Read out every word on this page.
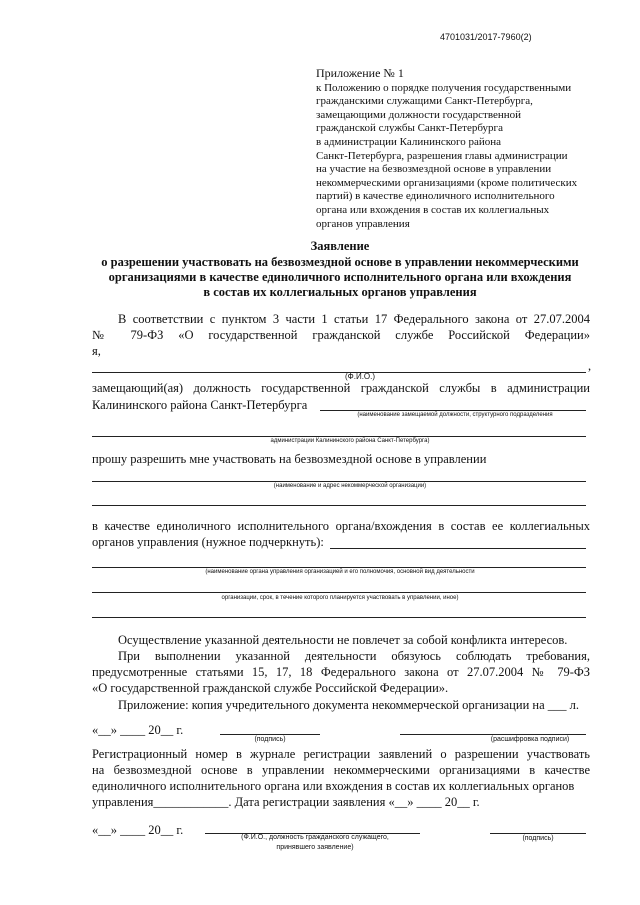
4701031/2017-7960(2)
Приложение № 1
к Положению о порядке получения государственными
гражданскими служащими Санкт-Петербурга,
замещающими должности государственной
гражданской службы Санкт-Петербурга
в администрации Калининского района
Санкт-Петербурга, разрешения главы администрации
на участие на безвозмездной основе в управлении
некоммерческими организациями (кроме политических
партий) в качестве единоличного исполнительного
органа или вхождения в состав их коллегиальных
органов управления
Заявление
о разрешении участвовать на безвозмездной основе в управлении некоммерческими
организациями в качестве единоличного исполнительного органа или вхождения
в состав их коллегиальных органов управления
В соответствии с пунктом 3 части 1 статьи 17 Федерального закона от 27.07.2004
№ 79-ФЗ «О государственной гражданской службе Российской Федерации»
я,
,
(Ф.И.О.)
замещающий(ая) должность государственной гражданской службы в администрации
Калининского района Санкт-Петербурга
(наименование замещаемой должности, структурного подразделения
администрации Калининского района Санкт-Петербурга)
прошу разрешить мне участвовать на безвозмездной основе в управлении
(наименование и адрес некоммерческой организации)
в качестве единоличного исполнительного органа/вхождения в состав ее коллегиальных
органов управления (нужное подчеркнуть):
(наименование органа управления организацией и его полномочия, основной вид деятельности
организации, срок, в течение которого планируется участвовать в управлении, иное)
Осуществление указанной деятельности не повлечет за собой конфликта интересов.
При выполнении указанной деятельности обязуюсь соблюдать требования,
предусмотренные статьями 15, 17, 18 Федерального закона от 27.07.2004 № 79-ФЗ
«О государственной гражданской службе Российской Федерации».
Приложение: копия учредительного документа некоммерческой организации на ___ л.
«__» ____ 20__ г.
(подпись)	(расшифровка подписи)
Регистрационный номер в журнале регистрации заявлений о разрешении участвовать
на безвозмездной основе в управлении некоммерческими организациями в качестве
единоличного исполнительного органа или вхождения в состав их коллегиальных органов
управления____________. Дата регистрации заявления «__» ____ 20__ г.
«__» ____ 20__ г.
(Ф.И.О., должность гражданского служащего,
принявшего заявление)
(подпись)
